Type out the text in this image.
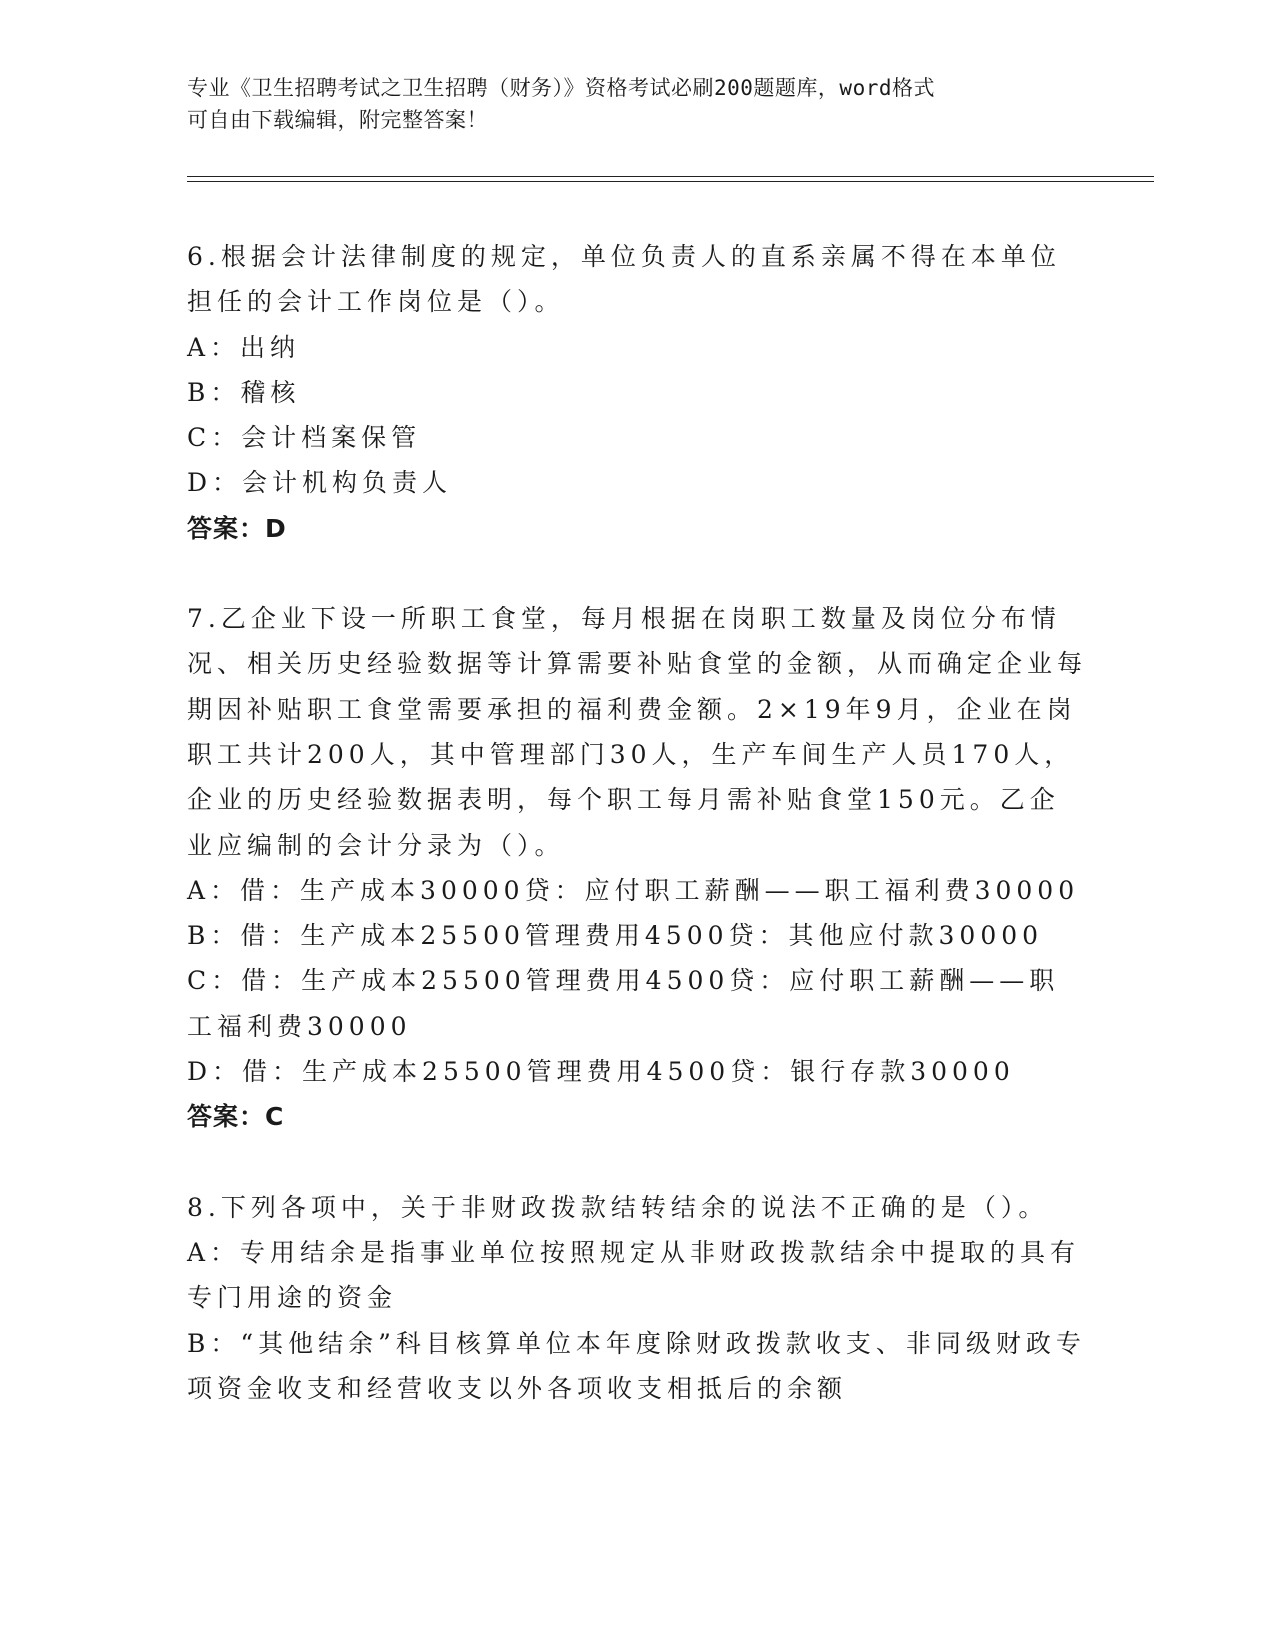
专业《卫生招聘考试之卫生招聘（财务）》资格考试必刷200题题库，word格式
可自由下载编辑，附完整答案！

6.根据会计法律制度的规定，单位负责人的直系亲属不得在本单位担任的会计工作岗位是（）。

A：出纳

B：稽核

C：会计档案保管

D：会计机构负责人

答案：D

7.乙企业下设一所职工食堂，每月根据在岗职工数量及岗位分布情况、相关历史经验数据等计算需要补贴食堂的金额，从而确定企业每期因补贴职工食堂需要承担的福利费金额。2×19年9月，企业在岗职工共计200人，其中管理部门30人，生产车间生产人员170人，企业的历史经验数据表明，每个职工每月需补贴食堂150元。乙企业应编制的会计分录为（）。

A：借：生产成本30000贷：应付职工薪酬——职工福利费30000

B：借：生产成本25500管理费用4500贷：其他应付款30000

C：借：生产成本25500管理费用4500贷：应付职工薪酬——职工福利费30000

D：借：生产成本25500管理费用4500贷：银行存款30000

答案：C

8.下列各项中，关于非财政拨款结转结余的说法不正确的是（）。

A：专用结余是指事业单位按照规定从非财政拨款结余中提取的具有专门用途的资金

B：“其他结余”科目核算单位本年度除财政拨款收支、非同级财政专项资金收支和经营收支以外各项收支相抵后的余额
